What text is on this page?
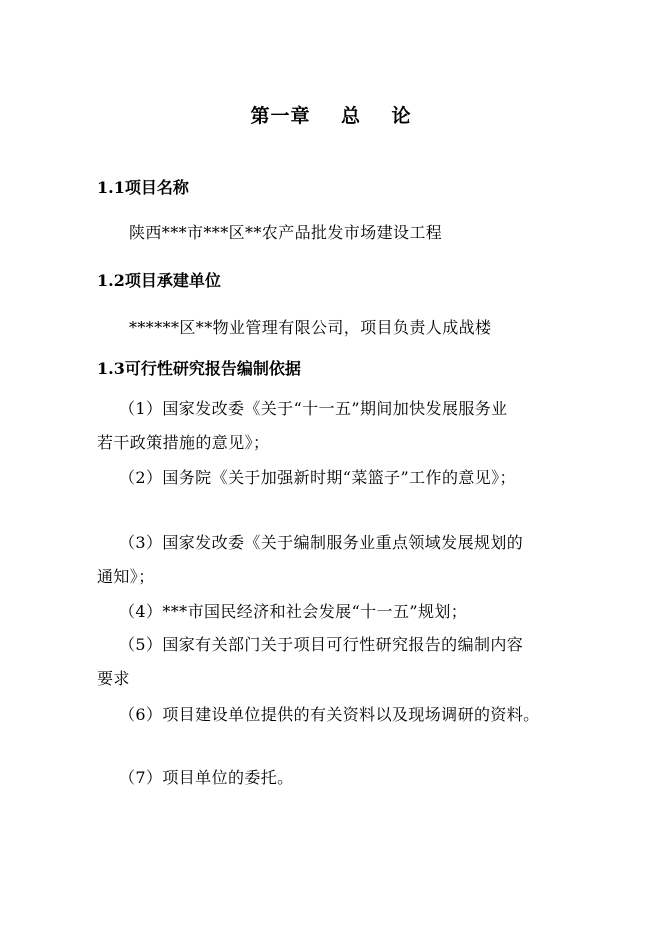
第一章    总    论
1.1项目名称
陕西***市***区**农产品批发市场建设工程
1.2项目承建单位
******区**物业管理有限公司，项目负责人成战楼
1.3可行性研究报告编制依据
（1）国家发改委《关于“十一五”期间加快发展服务业
若干政策措施的意见》；
（2）国务院《关于加强新时期“菜篮子”工作的意见》；
（3）国家发改委《关于编制服务业重点领域发展规划的
通知》；
（4）***市国民经济和社会发展“十一五”规划；
（5）国家有关部门关于项目可行性研究报告的编制内容
要求
（6）项目建设单位提供的有关资料以及现场调研的资料。
（7）项目单位的委托。
